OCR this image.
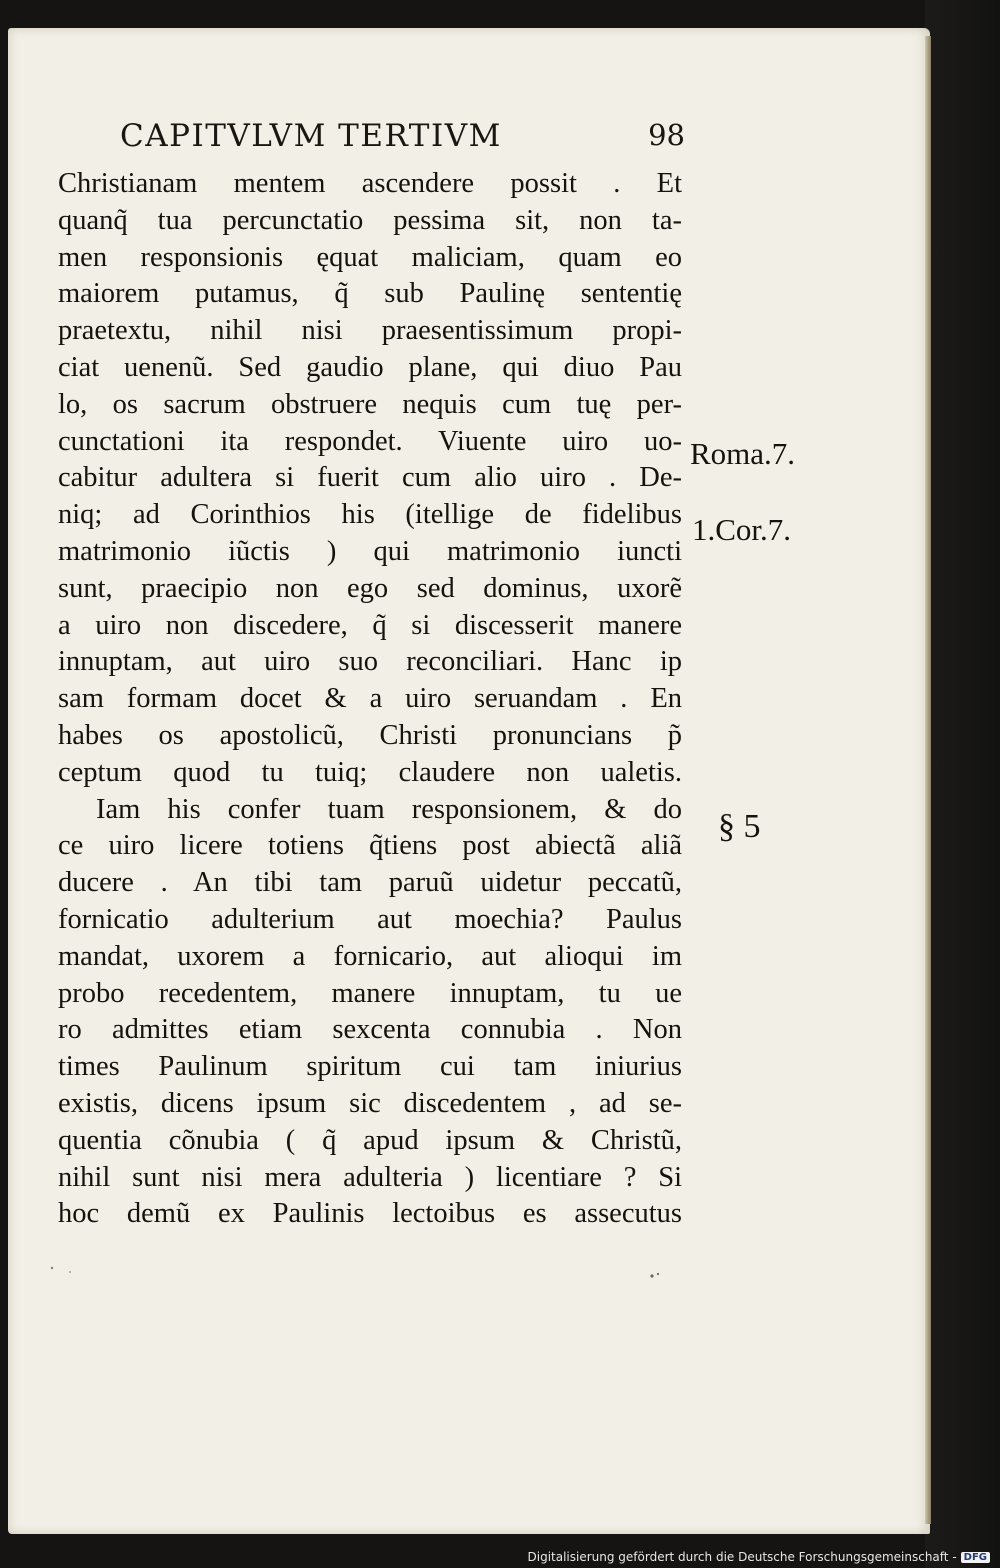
CAPITVLVM TERTIVM	98
Christianam mentem ascendere possit . Et
quanq̃ tua percunctatio pessima sit, non ta-
men responsionis ęquat maliciam, quam eo
maiorem putamus, q̃ sub Paulinę sententię
praetextu, nihil nisi praesentissimum propi-
ciat uenenũ. Sed gaudio plane, qui diuo Pau
lo, os sacrum obstruere nequis cum tuę per-
cunctationi ita respondet. Viuente uiro uo-
cabitur adultera si fuerit cum alio uiro . De-
niq; ad Corinthios his (itellige de fidelibus
matrimonio iũctis ) qui matrimonio iuncti
sunt, praecipio non ego sed dominus, uxorẽ
a uiro non discedere, q̃ si discesserit manere
innuptam, aut uiro suo reconciliari. Hanc ip
sam formam docet & a uiro seruandam . En
habes os apostolicũ, Christi pronuncians p̃
ceptum quod tu tuiq; claudere non ualetis.
Iam his confer tuam responsionem, & do
ce uiro licere totiens q̃tiens post abiectã aliã
ducere . An tibi tam paruũ uidetur peccatũ,
fornicatio adulterium aut moechia? Paulus
mandat, uxorem a fornicario, aut alioqui im
probo recedentem, manere innuptam, tu ue
ro admittes etiam sexcenta connubia . Non
times Paulinum spiritum cui tam iniurius
existis, dicens ipsum sic discedentem , ad se-
quentia cõnubia ( q̃ apud ipsum & Christũ,
nihil sunt nisi mera adulteria ) licentiare ? Si
hoc demũ ex Paulinis lectoibus es assecutus
Roma.7.
1.Cor.7.
§ 5
Digitalisierung gefördert durch die Deutsche Forschungsgemeinschaft - DFG
